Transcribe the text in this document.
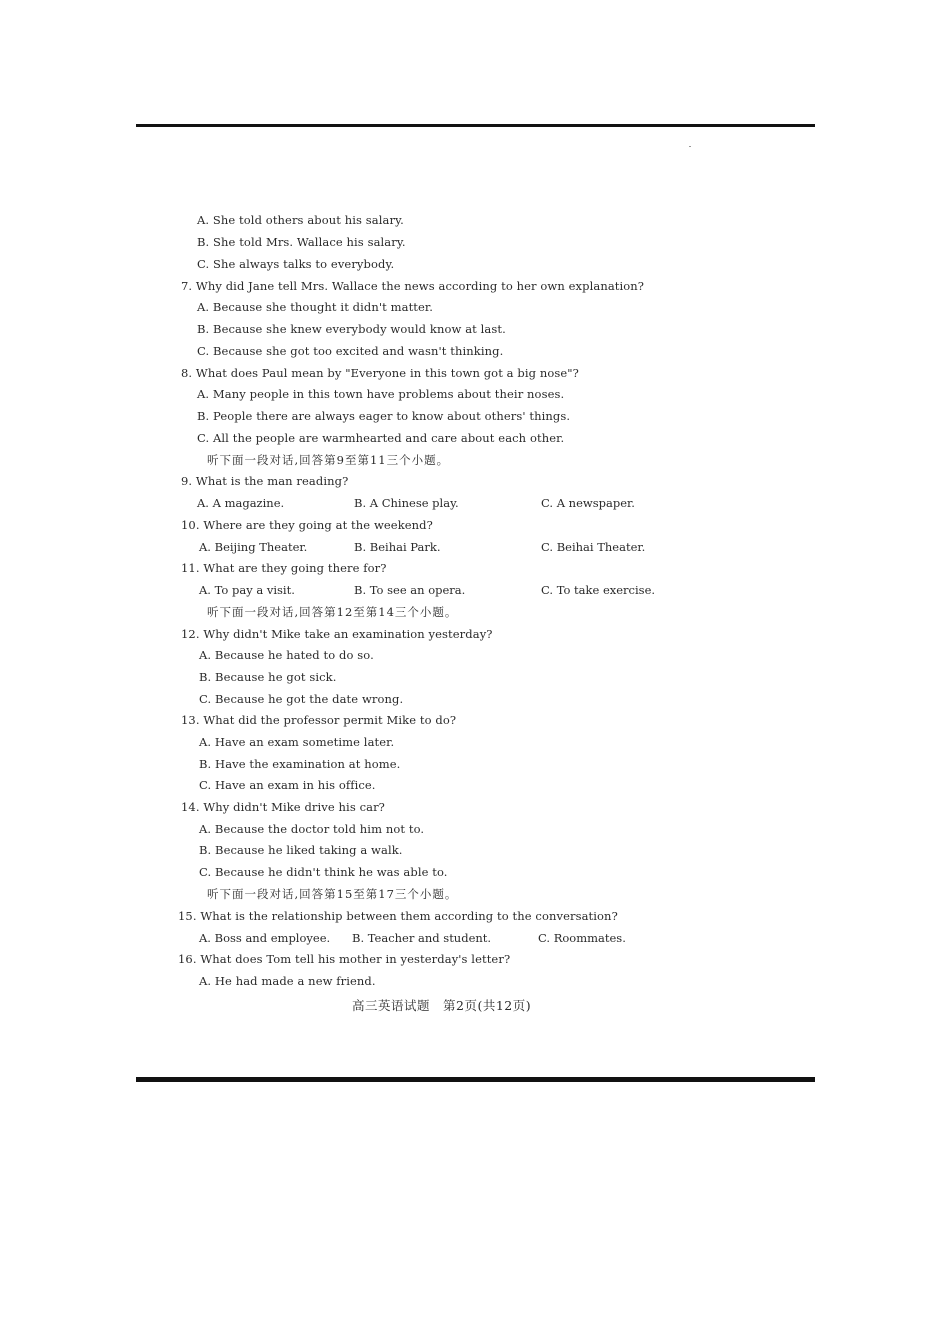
A. She told others about his salary.
B. She told Mrs. Wallace his salary.
C. She always talks to everybody.
7. Why did Jane tell Mrs. Wallace the news according to her own explanation?
A. Because she thought it didn't matter.
B. Because she knew everybody would know at last.
C. Because she got too excited and wasn't thinking.
8. What does Paul mean by "Everyone in this town got a big nose"?
A. Many people in this town have problems about their noses.
B. People there are always eager to know about others' things.
C. All the people are warmhearted and care about each other.
听下面一段对话,回答第9至第11三个小题。
9. What is the man reading?
A. A magazine.	B. A Chinese play.	C. A newspaper.
10. Where are they going at the weekend?
A. Beijing Theater.	B. Beihai Park.	C. Beihai Theater.
11. What are they going there for?
A. To pay a visit.	B. To see an opera.	C. To take exercise.
听下面一段对话,回答第12至第14三个小题。
12. Why didn't Mike take an examination yesterday?
A. Because he hated to do so.
B. Because he got sick.
C. Because he got the date wrong.
13. What did the professor permit Mike to do?
A. Have an exam sometime later.
B. Have the examination at home.
C. Have an exam in his office.
14. Why didn't Mike drive his car?
A. Because the doctor told him not to.
B. Because he liked taking a walk.
C. Because he didn't think he was able to.
听下面一段对话,回答第15至第17三个小题。
15. What is the relationship between them according to the conversation?
A. Boss and employee. B. Teacher and student.	C. Roommates.
16. What does Tom tell his mother in yesterday's letter?
A. He had made a new friend.
高三英语试题　第2页(共12页)
